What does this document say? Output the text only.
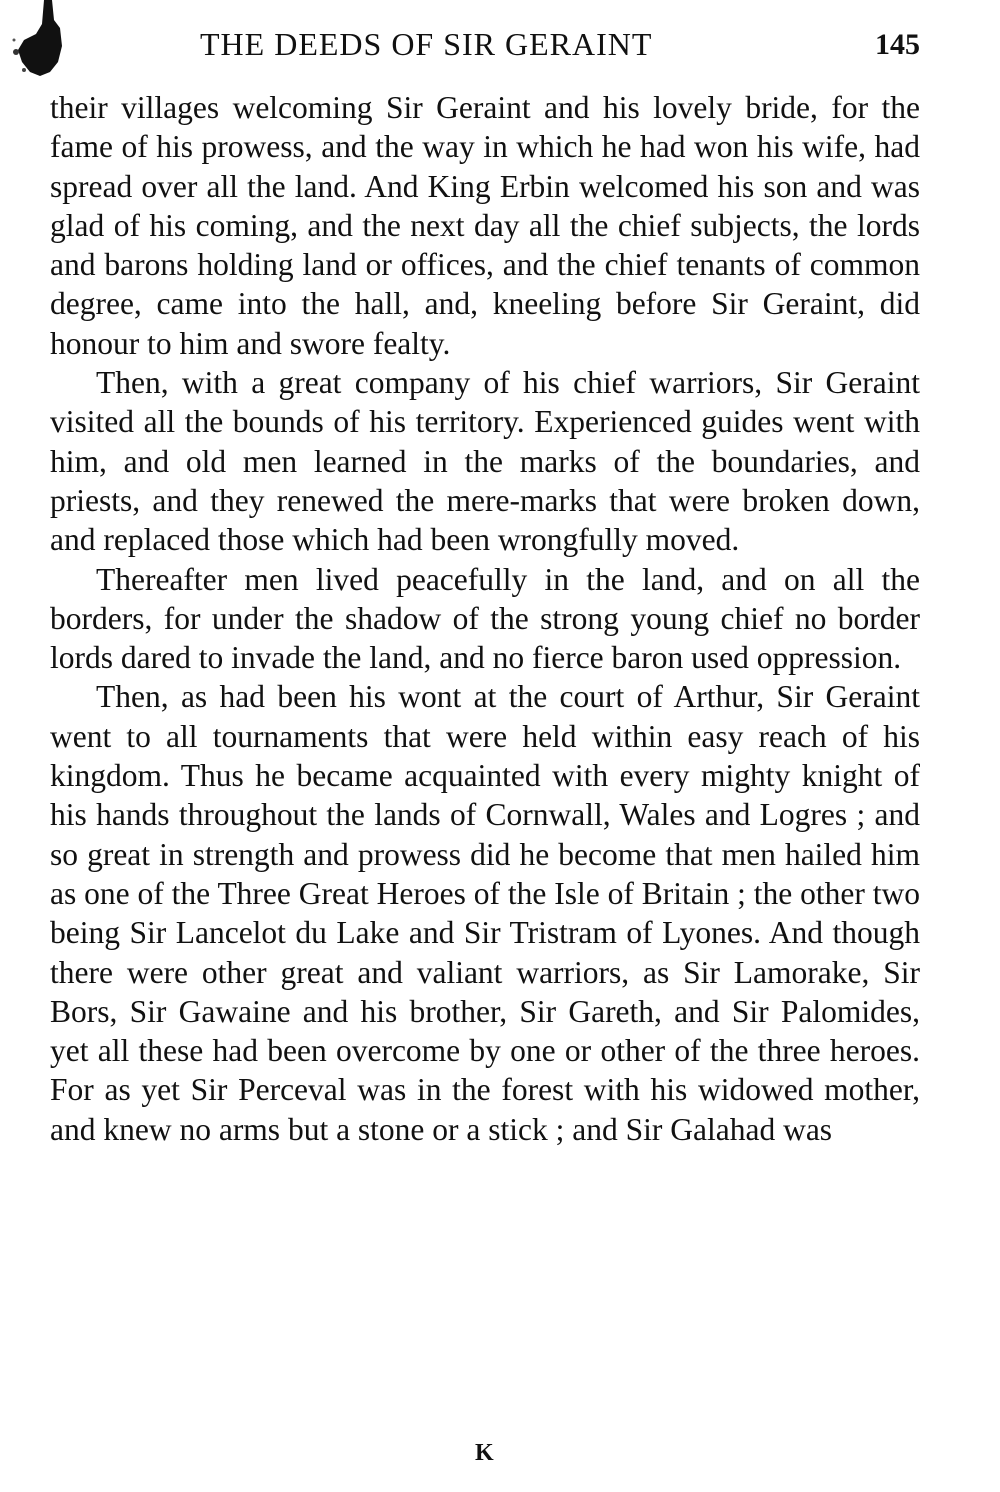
THE DEEDS OF SIR GERAINT	145

their villages welcoming Sir Geraint and his lovely bride, for the fame of his prowess, and the way in which he had won his wife, had spread over all the land. And King Erbin welcomed his son and was glad of his coming, and the next day all the chief subjects, the lords and barons holding land or offices, and the chief tenants of common degree, came into the hall, and, kneeling before Sir Geraint, did honour to him and swore fealty.

Then, with a great company of his chief warriors, Sir Geraint visited all the bounds of his territory. Experienced guides went with him, and old men learned in the marks of the boundaries, and priests, and they renewed the mere-marks that were broken down, and replaced those which had been wrongfully moved.

Thereafter men lived peacefully in the land, and on all the borders, for under the shadow of the strong young chief no border lords dared to invade the land, and no fierce baron used oppression.

Then, as had been his wont at the court of Arthur, Sir Geraint went to all tournaments that were held within easy reach of his kingdom. Thus he became acquainted with every mighty knight of his hands throughout the lands of Cornwall, Wales and Logres ; and so great in strength and prowess did he become that men hailed him as one of the Three Great Heroes of the Isle of Britain ; the other two being Sir Lancelot du Lake and Sir Tristram of Lyones. And though there were other great and valiant warriors, as Sir Lamorake, Sir Bors, Sir Gawaine and his brother, Sir Gareth, and Sir Palomides, yet all these had been overcome by one or other of the three heroes. For as yet Sir Perceval was in the forest with his widowed mother, and knew no arms but a stone or a stick ; and Sir Galahad was

K
